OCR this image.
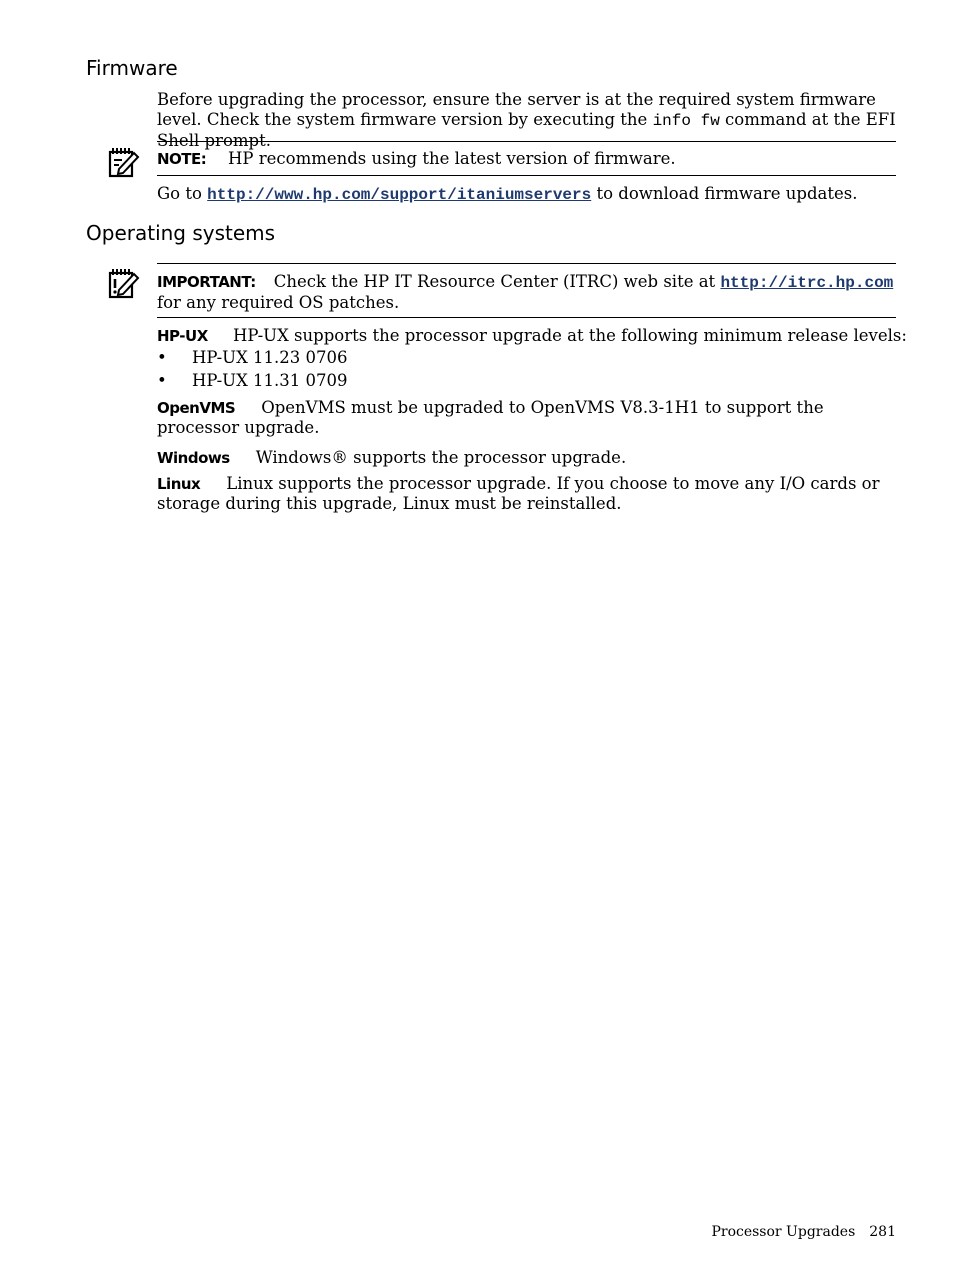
Firmware

Before upgrading the processor, ensure the server is at the required system firmware level. Check the system firmware version by executing the info fw command at the EFI Shell prompt.

NOTE: HP recommends using the latest version of firmware.

Go to http://www.hp.com/support/itaniumservers to download firmware updates.

Operating systems

IMPORTANT: Check the HP IT Resource Center (ITRC) web site at http://itrc.hp.com for any required OS patches.

HP-UX HP-UX supports the processor upgrade at the following minimum release levels:
• HP-UX 11.23 0706
• HP-UX 11.31 0709

OpenVMS OpenVMS must be upgraded to OpenVMS V8.3-1H1 to support the processor upgrade.

Windows Windows® supports the processor upgrade.

Linux Linux supports the processor upgrade. If you choose to move any I/O cards or storage during this upgrade, Linux must be reinstalled.

Processor Upgrades 281
